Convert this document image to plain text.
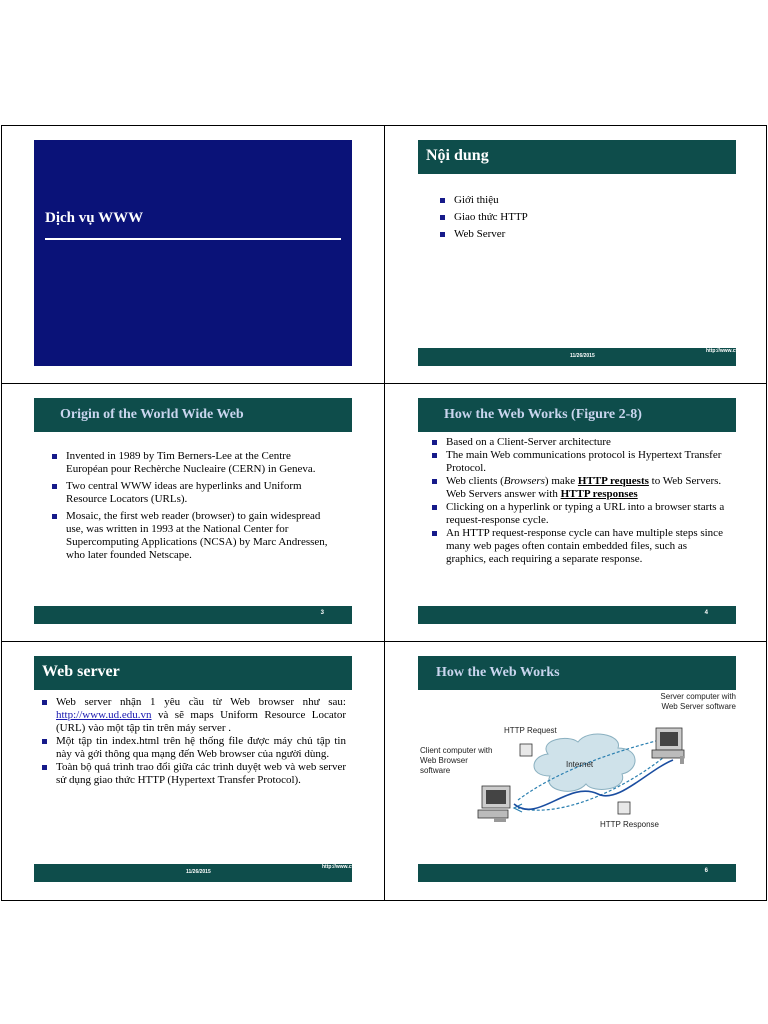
Dịch vụ WWW
Nội dung
Giới thiệu
Giao thức HTTP
Web Server
11/26/2015
http://www.ctt.edu.vn
Origin of the World Wide Web
Invented in 1989 by Tim Berners-Lee at the Centre Européan pour Rechèrche Nucleaire (CERN) in Geneva.
Two central WWW ideas are hyperlinks and Uniform Resource Locators (URLs).
Mosaic, the first web reader (browser) to gain widespread use, was written in 1993 at the National Center for Supercomputing Applications (NCSA) by Marc Andressen, who later founded Netscape.
3
How the Web Works (Figure 2-8)
Based on a Client-Server architecture
The main Web communications protocol is Hypertext Transfer Protocol.
Web clients (Browsers) make HTTP requests to Web Servers. Web Servers answer with HTTP responses
Clicking on a hyperlink or typing a URL into a browser starts a request-response cycle.
An HTTP request-response cycle can have multiple steps since many web pages often contain embedded files, such as graphics, each requiring a separate response.
4
Web server
Web server nhận 1 yêu cầu từ Web browser như sau: http://www.ud.edu.vn và sẽ maps Uniform Resource Locator (URL) vào một tập tin trên máy server .
Một tập tin index.html trên hệ thống file được máy chủ tập tin này và gởi thông qua mạng đến Web browser của người dùng.
Toàn bộ quá trình trao đổi giữa các trình duyệt web và web server sử dụng giao thức HTTP (Hypertext Transfer Protocol).
11/26/2015
http://www.ctt.edu.vn
How the Web Works
Server computer with Web Server software
Client computer with Web Browser software
HTTP Request
HTTP Response
Internet
6
